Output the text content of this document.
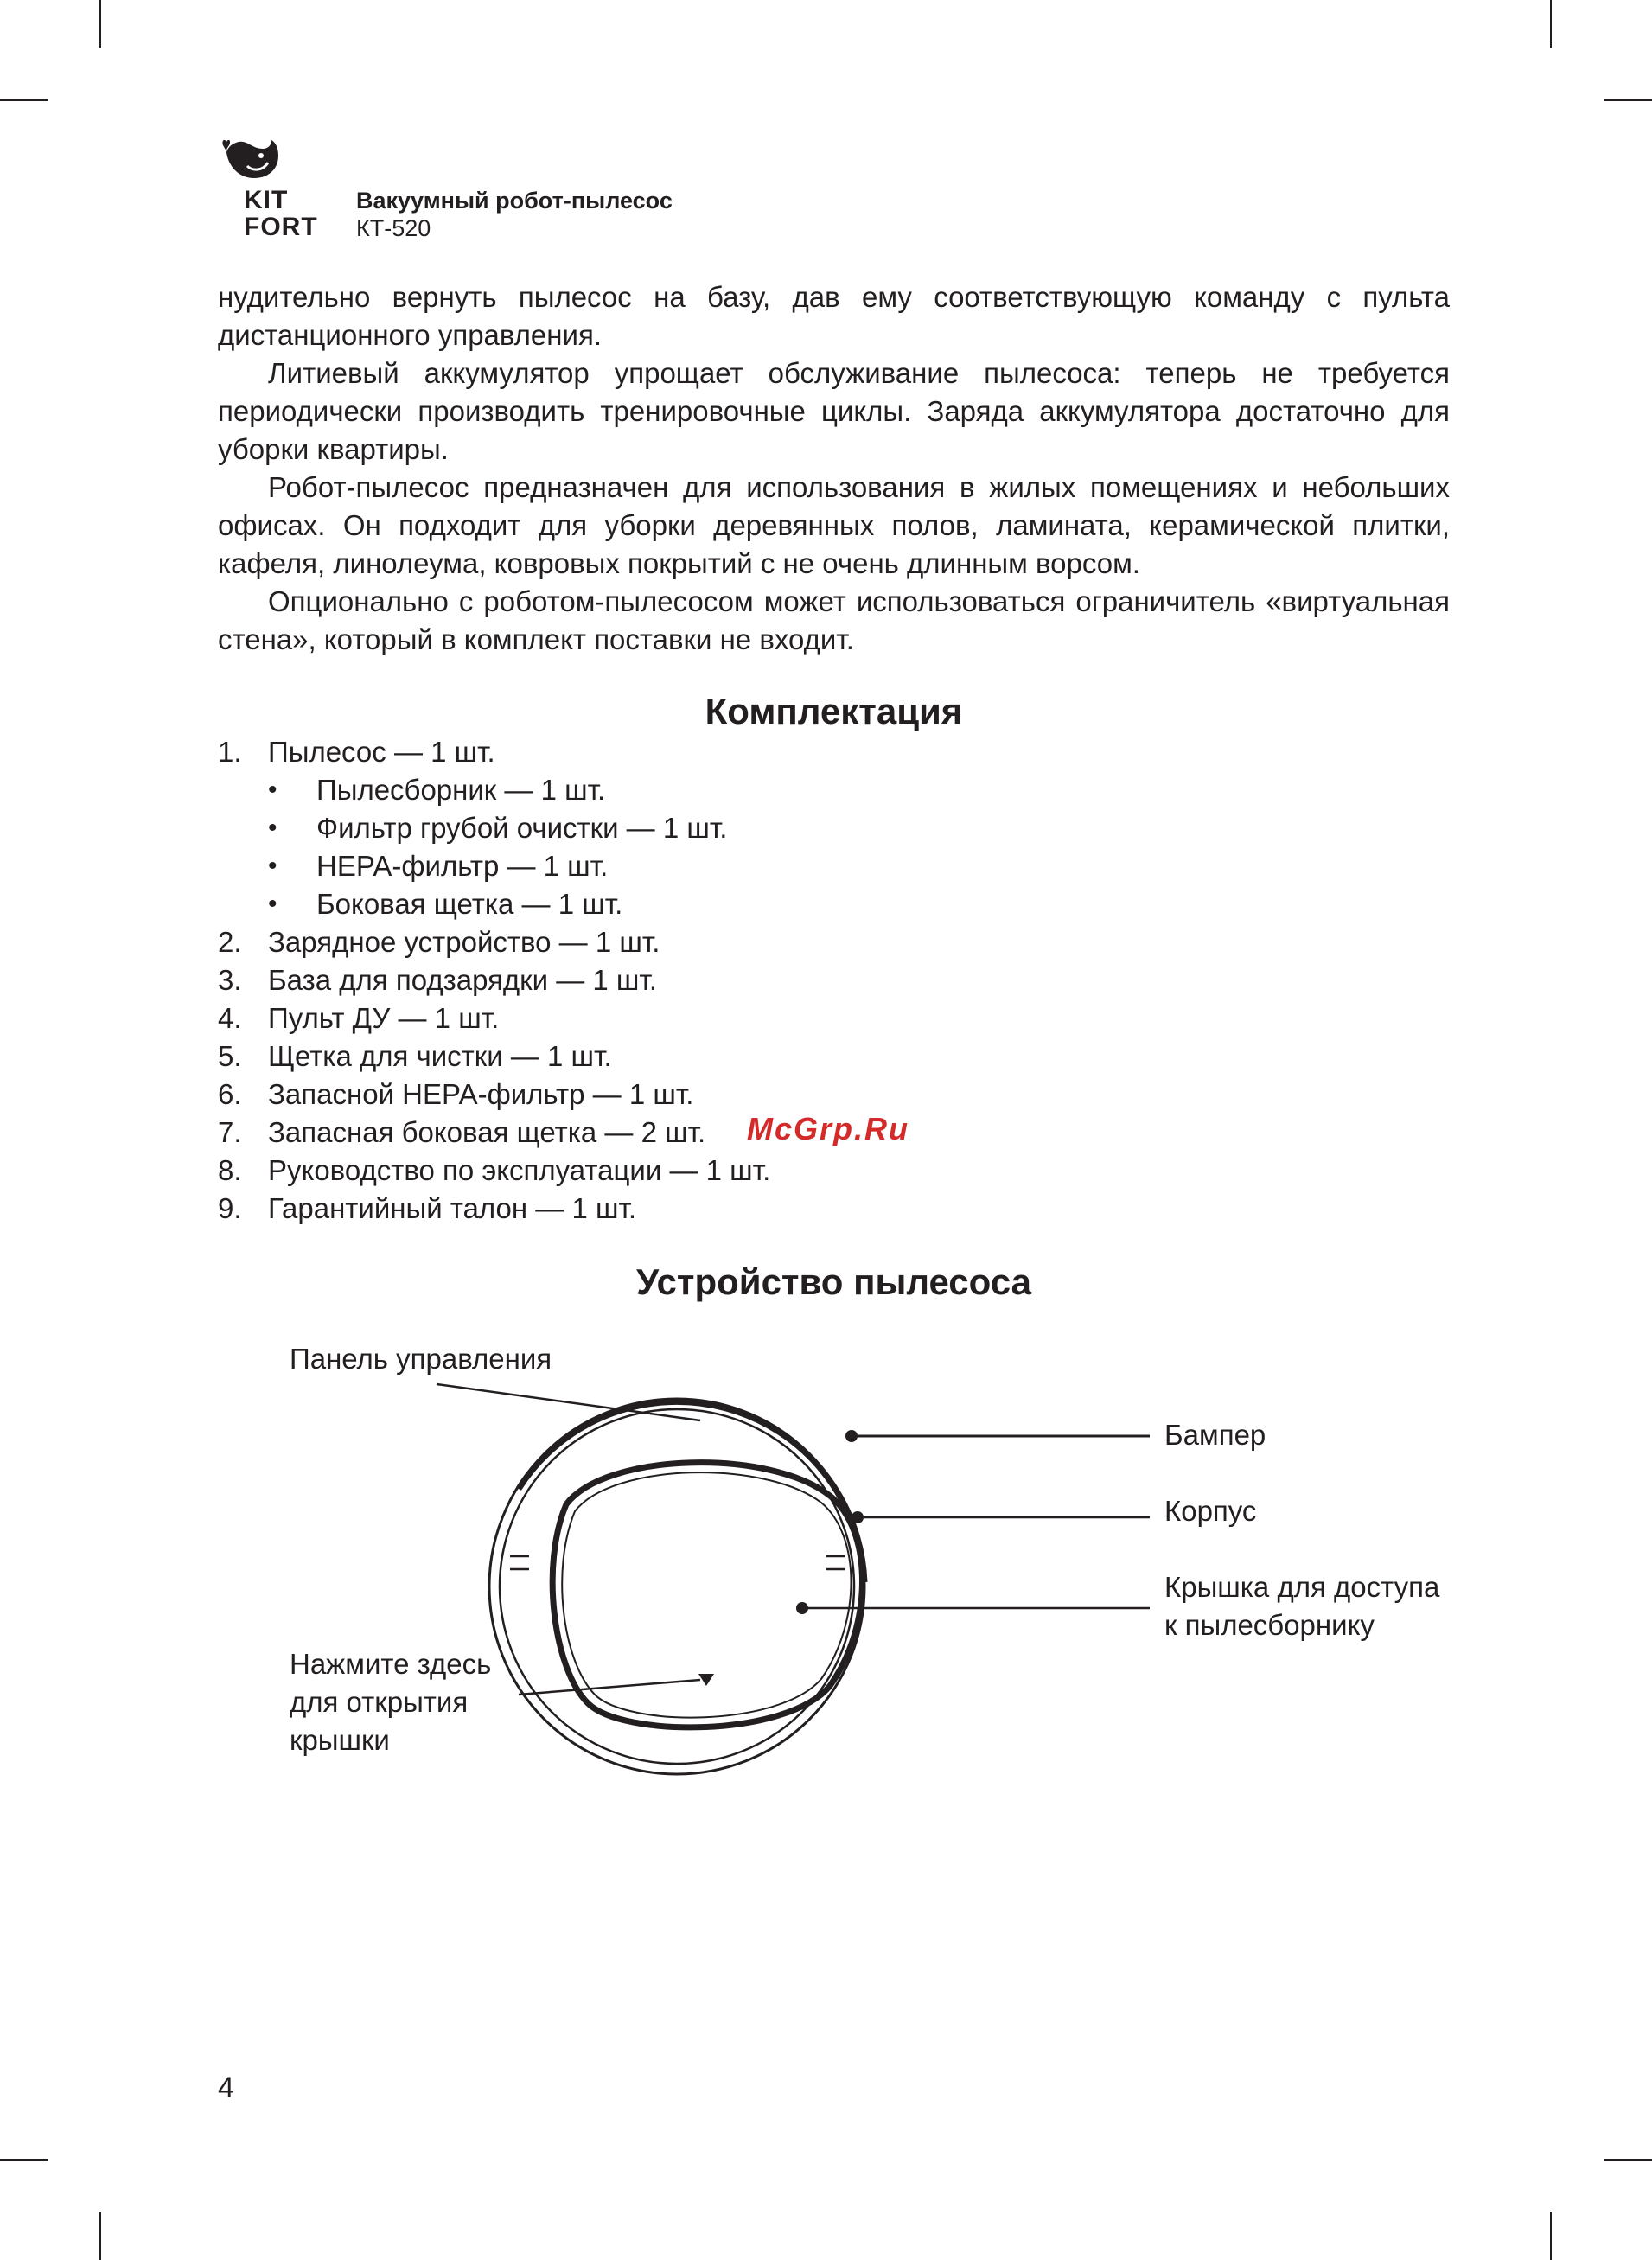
KIT
FORT
Вакуумный робот-пылесос
КТ-520

нудительно вернуть пылесос на базу, дав ему соответствующую команду с пульта дистанционного управления.

Литиевый аккумулятор упрощает обслуживание пылесоса: теперь не требуется периодически производить тренировочные циклы. Заряда аккумулятора достаточно для уборки квартиры.

Робот-пылесос предназначен для использования в жилых помещениях и небольших офисах. Он подходит для уборки деревянных полов, ламината, керамической плитки, кафеля, линолеума, ковровых покрытий с не очень длинным ворсом.

Опционально с роботом-пылесосом может использоваться ограничитель «виртуальная стена», который в комплект поставки не входит.

Комплектация
1. Пылесос — 1 шт.
• Пылесборник — 1 шт.
• Фильтр грубой очистки — 1 шт.
• HEPA-фильтр — 1 шт.
• Боковая щетка — 1 шт.
2. Зарядное устройство — 1 шт.
3. База для подзарядки — 1 шт.
4. Пульт ДУ — 1 шт.
5. Щетка для чистки — 1 шт.
6. Запасной HEPA-фильтр — 1 шт.
7. Запасная боковая щетка — 2 шт.
8. Руководство по эксплуатации — 1 шт.
9. Гарантийный талон — 1 шт.
McGrp.Ru
Устройство пылесоса
Панель управления
Бампер
Корпус
Крышка для доступа
к пылесборнику
Нажмите здесь
для открытия
крышки
4
